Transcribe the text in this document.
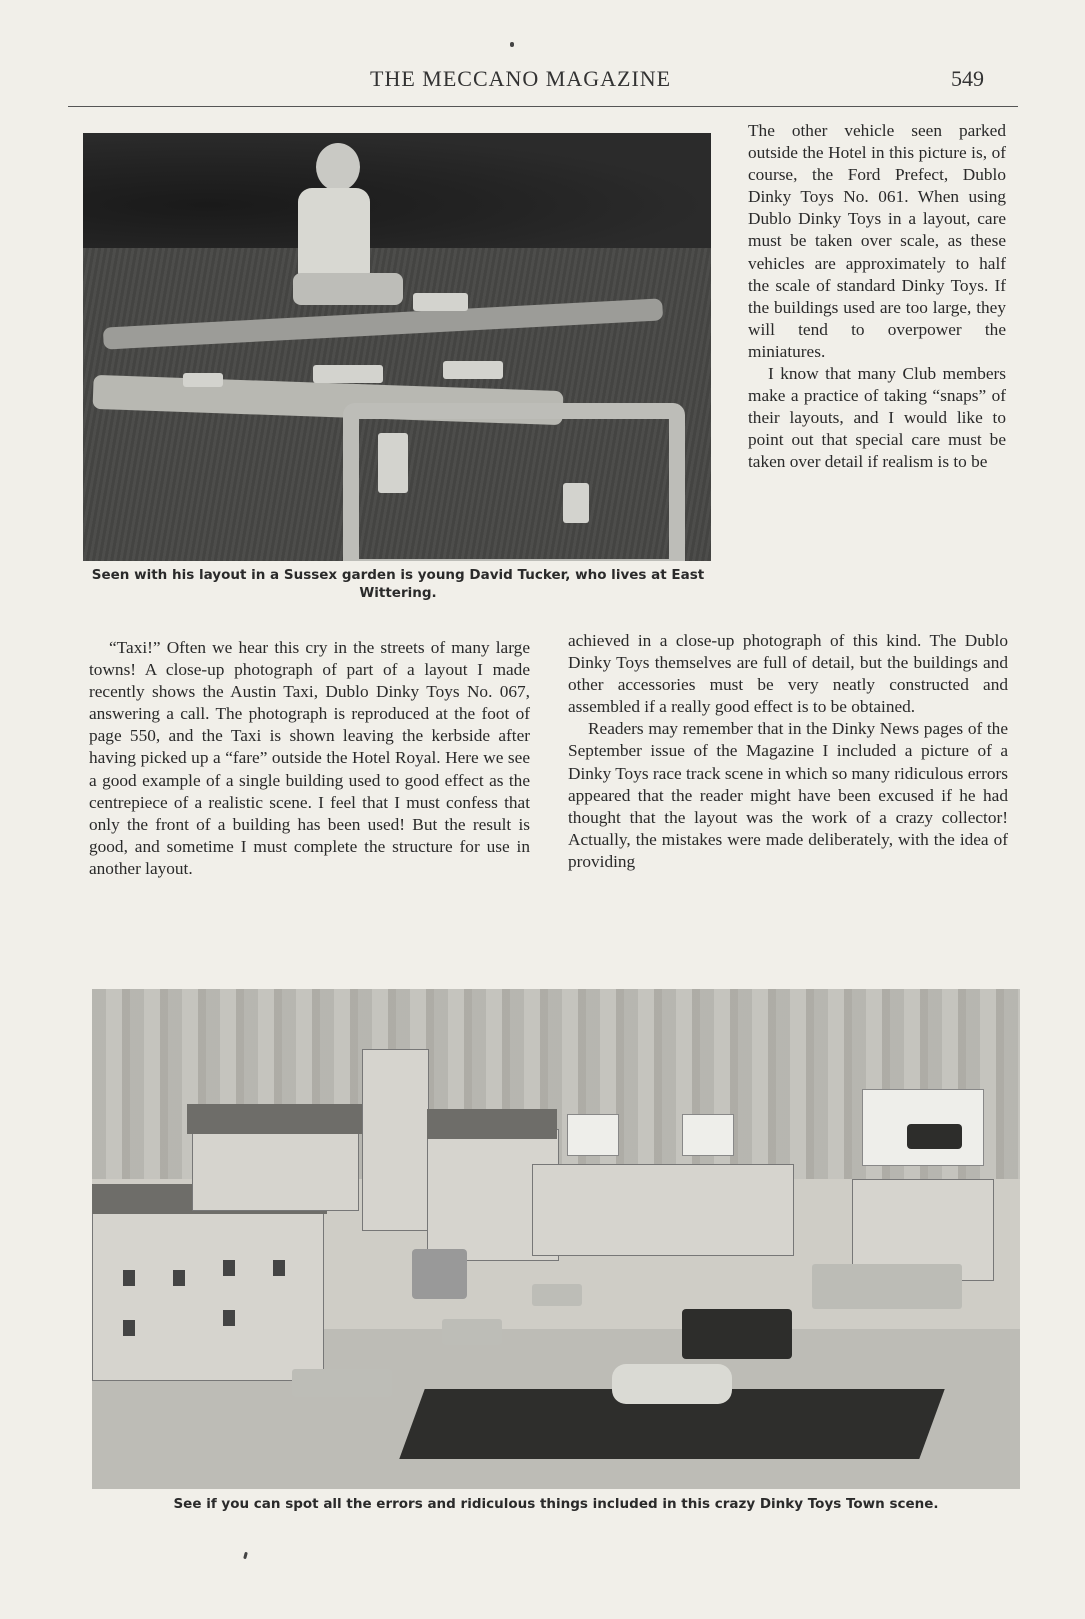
THE MECCANO MAGAZINE	549
Seen with his layout in a Sussex garden is young David Tucker, who lives at East Wittering.

The other vehicle seen parked outside the Hotel in this picture is, of course, the Ford Prefect, Dublo Dinky Toys No. 061. When using Dublo Dinky Toys in a layout, care must be taken over scale, as these vehicles are approximately to half the scale of standard Dinky Toys. If the buildings used are too large, they will tend to overpower the miniatures.

I know that many Club members make a practice of taking “snaps” of their layouts, and I would like to point out that special care must be taken over detail if realism is to be

“Taxi!” Often we hear this cry in the streets of many large towns! A close-up photograph of part of a layout I made recently shows the Austin Taxi, Dublo Dinky Toys No. 067, answering a call. The photograph is reproduced at the foot of page 550, and the Taxi is shown leaving the kerbside after having picked up a “fare” outside the Hotel Royal. Here we see a good example of a single building used to good effect as the centrepiece of a realistic scene. I feel that I must confess that only the front of a building has been used! But the result is good, and sometime I must complete the structure for use in another layout.

achieved in a close-up photograph of this kind. The Dublo Dinky Toys themselves are full of detail, but the buildings and other accessories must be very neatly constructed and assembled if a really good effect is to be obtained.

Readers may remember that in the Dinky News pages of the September issue of the Magazine I included a picture of a Dinky Toys race track scene in which so many ridiculous errors appeared that the reader might have been excused if he had thought that the layout was the work of a crazy collector! Actually, the mistakes were made deliberately, with the idea of providing

See if you can spot all the errors and ridiculous things included in this crazy Dinky Toys Town scene.
